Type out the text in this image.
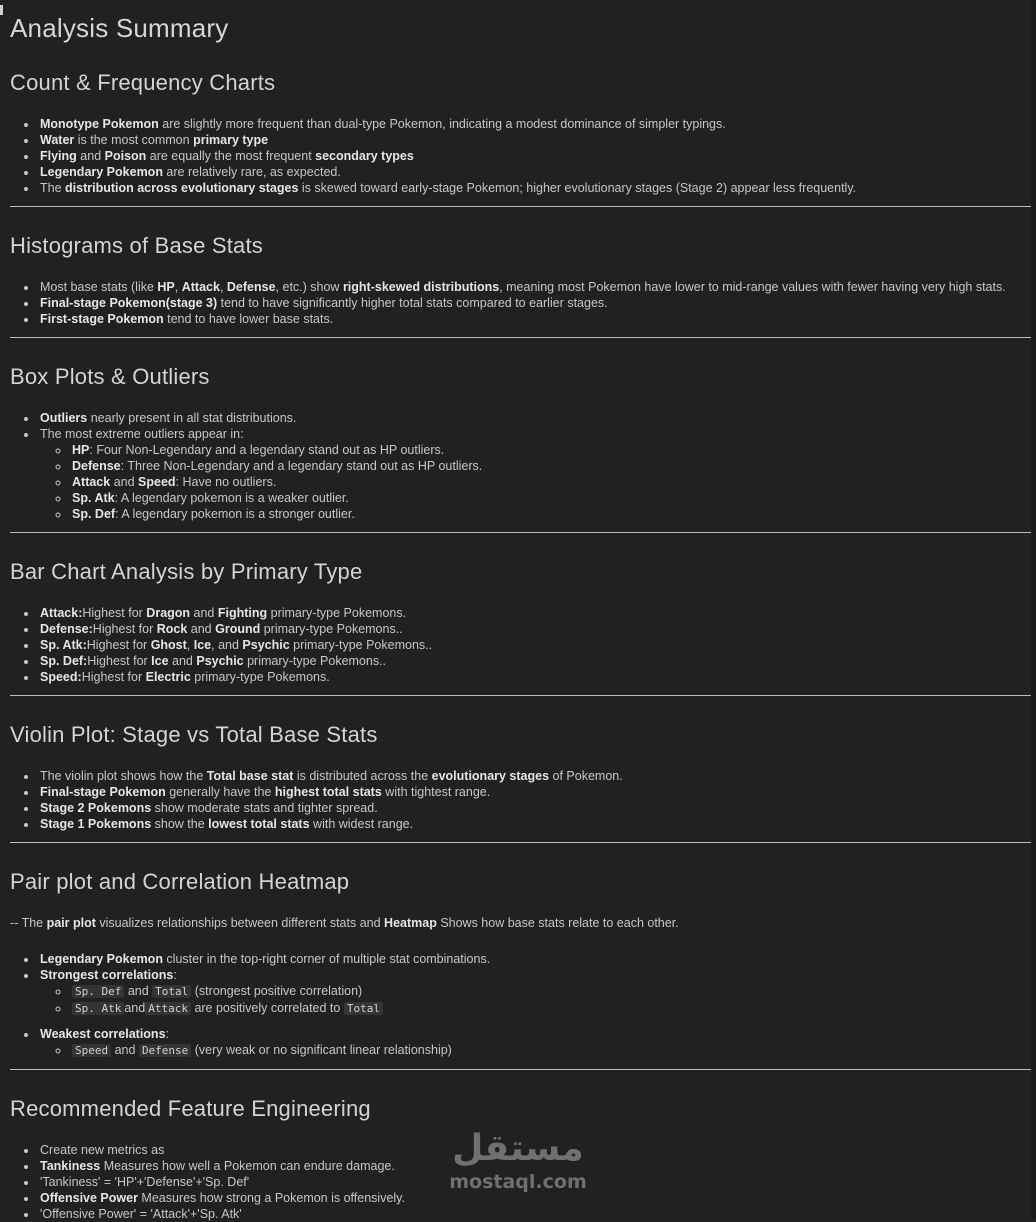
Analysis Summary
Count & Frequency Charts
• Monotype Pokemon are slightly more frequent than dual-type Pokemon, indicating a modest dominance of simpler typings.
• Water is the most common primary type
• Flying and Poison are equally the most frequent secondary types
• Legendary Pokemon are relatively rare, as expected.
• The distribution across evolutionary stages is skewed toward early-stage Pokemon; higher evolutionary stages (Stage 2) appear less frequently.
Histograms of Base Stats
• Most base stats (like HP, Attack, Defense, etc.) show right-skewed distributions, meaning most Pokemon have lower to mid-range values with fewer having very high stats.
• Final-stage Pokemon(stage 3) tend to have significantly higher total stats compared to earlier stages.
• First-stage Pokemon tend to have lower base stats.
Box Plots & Outliers
• Outliers nearly present in all stat distributions.
• The most extreme outliers appear in:
◦ HP: Four Non-Legendary and a legendary stand out as HP outliers.
◦ Defense: Three Non-Legendary and a legendary stand out as HP outliers.
◦ Attack and Speed: Have no outliers.
◦ Sp. Atk: A legendary pokemon is a weaker outlier.
◦ Sp. Def: A legendary pokemon is a stronger outlier.
Bar Chart Analysis by Primary Type
• Attack:Highest for Dragon and Fighting primary-type Pokemons.
• Defense:Highest for Rock and Ground primary-type Pokemons..
• Sp. Atk:Highest for Ghost, Ice, and Psychic primary-type Pokemons..
• Sp. Def:Highest for Ice and Psychic primary-type Pokemons..
• Speed:Highest for Electric primary-type Pokemons.
Violin Plot: Stage vs Total Base Stats
• The violin plot shows how the Total base stat is distributed across the evolutionary stages of Pokemon.
• Final-stage Pokemon generally have the highest total stats with tightest range.
• Stage 2 Pokemons show moderate stats and tighter spread.
• Stage 1 Pokemons show the lowest total stats with widest range.
Pair plot and Correlation Heatmap

-- The pair plot visualizes relationships between different stats and Heatmap Shows how base stats relate to each other.

• Legendary Pokemon cluster in the top-right corner of multiple stat combinations.
• Strongest correlations:
◦ Sp. Def and Total (strongest positive correlation)
◦ Sp. Atk and Attack are positively correlated to Total
• Weakest correlations:
◦ Speed and Defense (very weak or no significant linear relationship)
Recommended Feature Engineering
• Create new metrics as
• Tankiness Measures how well a Pokemon can endure damage.
• 'Tankiness' = 'HP'+'Defense'+'Sp. Def'
• Offensive Power Measures how strong a Pokemon is offensively.
• 'Offensive Power' = 'Attack'+'Sp. Atk'
مستقل
mostaql.com
